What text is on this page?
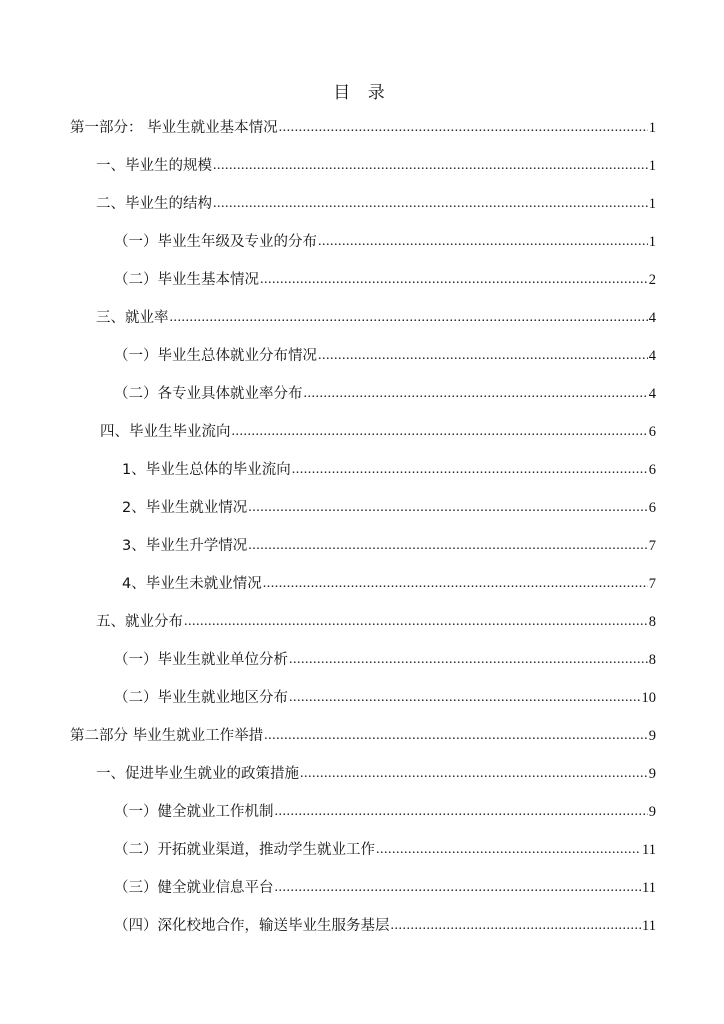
目 录
第一部分： 毕业生就业基本情况 .....	1
一、毕业生的规模 .....	1
二、毕业生的结构 .....	1
（一）毕业生年级及专业的分布 .....	1
（二）毕业生基本情况 .....	2
三、就业率 .....	4
（一）毕业生总体就业分布情况 .....	4
（二）各专业具体就业率分布 .....	4
四、毕业生毕业流向 .....	6
1、毕业生总体的毕业流向 .....	6
2、毕业生就业情况 .....	6
3、毕业生升学情况 .....	7
4、毕业生未就业情况 .....	7
五、就业分布 .....	8
（一）毕业生就业单位分析 .....	8
（二）毕业生就业地区分布 .....	10
第二部分 毕业生就业工作举措 .....	9
一、促进毕业生就业的政策措施 .....	9
（一）健全就业工作机制 .....	9
（二）开拓就业渠道，推动学生就业工作 .....	11
（三）健全就业信息平台 .....	11
（四）深化校地合作，输送毕业生服务基层 .....	11
